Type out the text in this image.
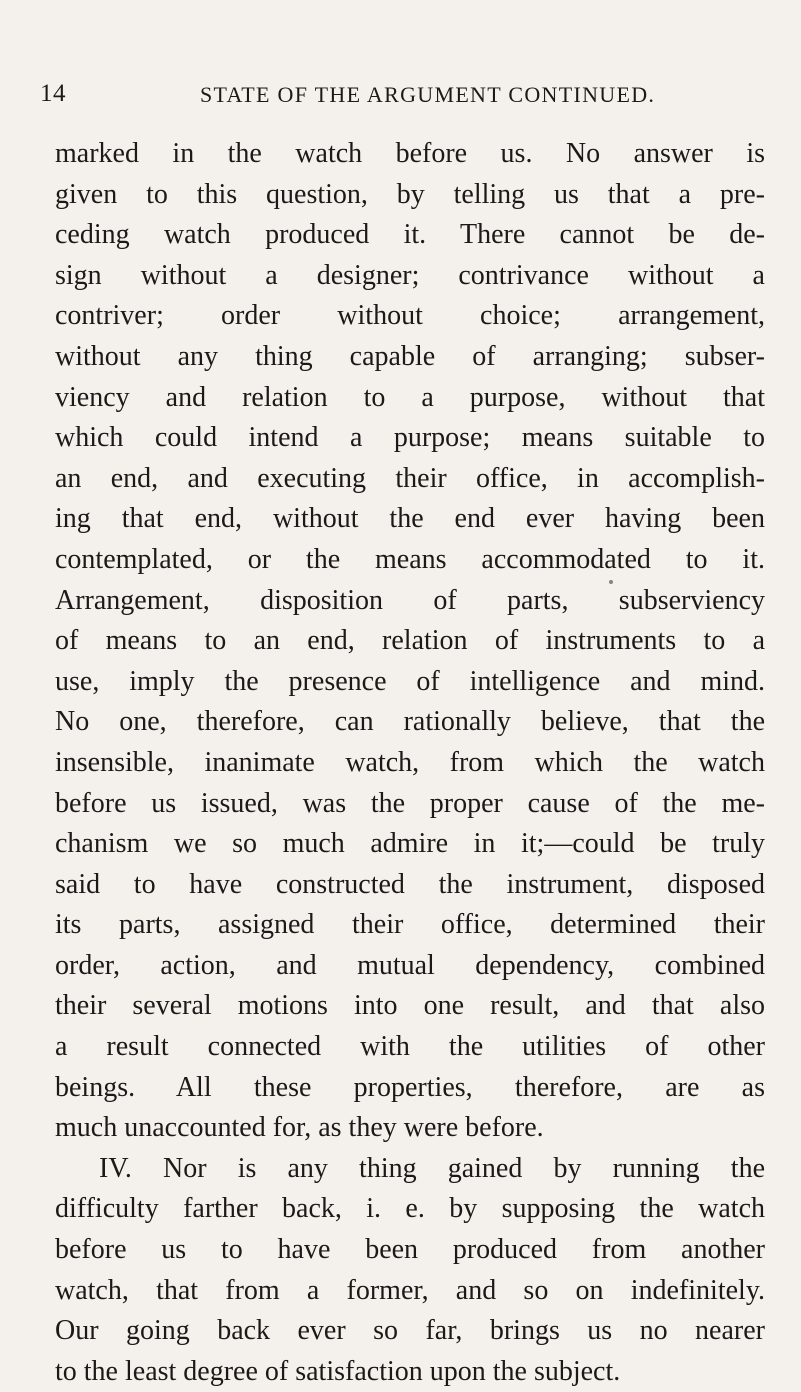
14	STATE OF THE ARGUMENT CONTINUED.
marked in the watch before us. No answer is
given to this question, by telling us that a pre-
ceding watch produced it. There cannot be de-
sign without a designer; contrivance without a
contriver; order without choice; arrangement,
without any thing capable of arranging; subser-
viency and relation to a purpose, without that
which could intend a purpose; means suitable to
an end, and executing their office, in accomplish-
ing that end, without the end ever having been
contemplated, or the means accommodated to it.
Arrangement, disposition of parts, subserviency
of means to an end, relation of instruments to a
use, imply the presence of intelligence and mind.
No one, therefore, can rationally believe, that the
insensible, inanimate watch, from which the watch
before us issued, was the proper cause of the me-
chanism we so much admire in it;—could be truly
said to have constructed the instrument, disposed
its parts, assigned their office, determined their
order, action, and mutual dependency, combined
their several motions into one result, and that also
a result connected with the utilities of other
beings. All these properties, therefore, are as
much unaccounted for, as they were before.
IV. Nor is any thing gained by running the
difficulty farther back, i. e. by supposing the watch
before us to have been produced from another
watch, that from a former, and so on indefinitely.
Our going back ever so far, brings us no nearer
to the least degree of satisfaction upon the subject.
